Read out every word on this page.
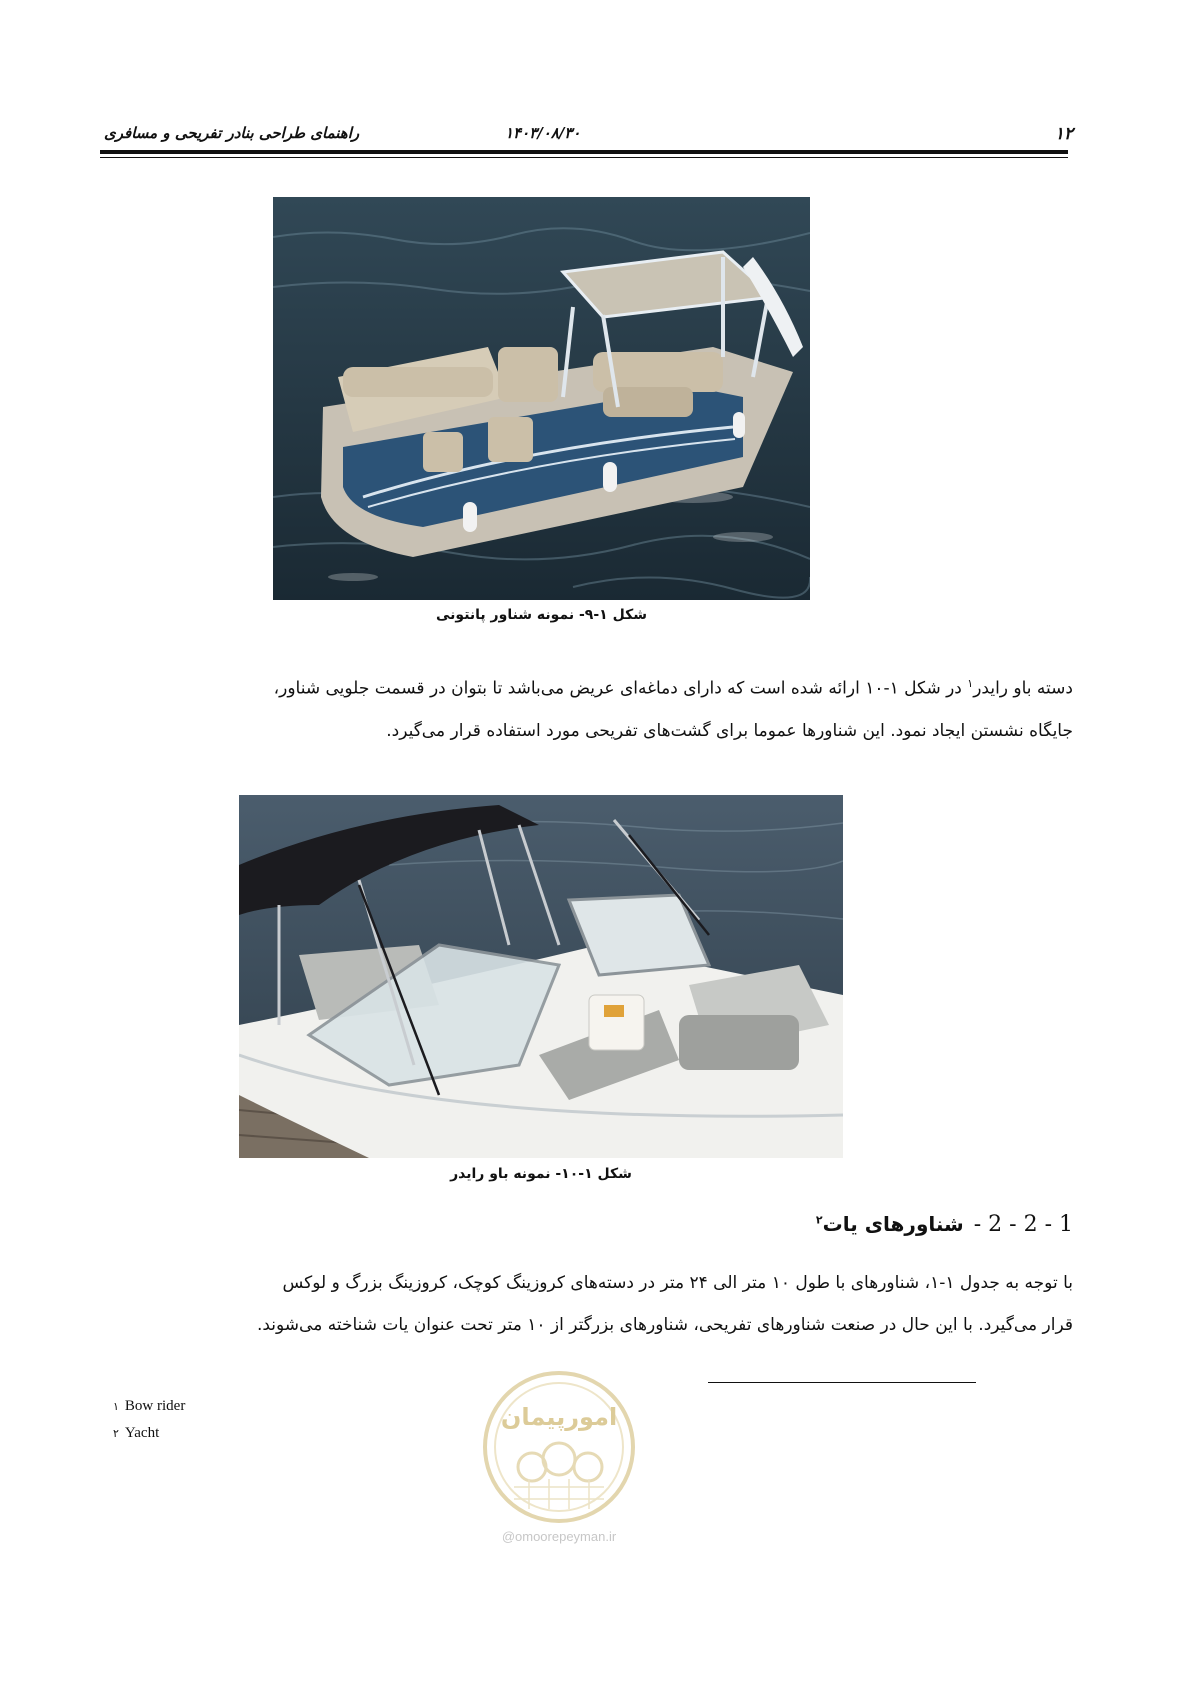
۱۲
۱۴۰۳/۰۸/۳۰
راهنمای طراحی بنادر تفریحی و مسافری
شکل ۱-۹- نمونه شناور پانتونی

دسته باو رایدر$^۱$ در شکل ۱-۱۰ ارائه شده است که دارای دماغه‌ای عریض می‌باشد تا بتوان در قسمت جلویی شناور،

جایگاه نشستن ایجاد نمود. این شناورها عموما برای گشت‌های تفریحی مورد استفاده قرار می‌گیرد.

شکل ۱-۱۰- نمونه باو رایدر
1 - 2 - 2 -شناورهای یات$^۲$

با توجه به جدول ۱-۱، شناورهای با طول ۱۰ متر الی ۲۴ متر در دسته‌های کروزینگ کوچک، کروزینگ بزرگ و لوکس

قرار می‌گیرد. با این حال در صنعت شناورهای تفریحی، شناورهای بزرگتر از ۱۰ متر تحت عنوان یات شناخته می‌شوند.

امورپیمان
@omoorepeyman.ir
۱ Bow rider
۲ Yacht
